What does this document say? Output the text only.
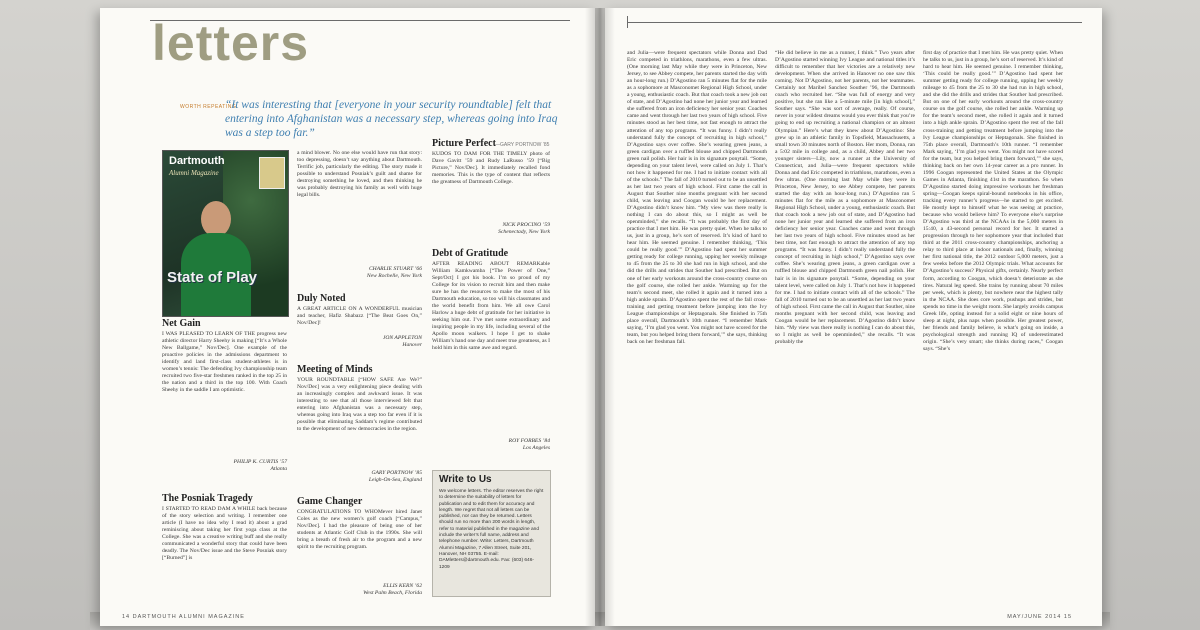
letters
WORTH REPEATING
“It was interesting that [everyone in your security roundtable] felt that entering into Afghanistan was a necessary step, whereas going into Iraq was a step too far.”
—GARY PORTNOW ’85
Dartmouth
Alumni Magazine
State of Play
Net Gain
I WAS PLEASED TO LEARN OF THE progress new athletic director Harry Sheehy is making [“It’s a Whole New Ballgame,” Nov/Dec]. One example of the proactive policies in the admissions department to identify and land first-class student-athletes is in women’s tennis: The defending Ivy championship team recruited two five-star freshmen ranked in the top 25 in the nation and a third in the top 100. With Coach Sheehy in the saddle I am optimistic.
PHILIP K. CURTIS ’57
Atlanta
The Posniak Tragedy
I STARTED TO READ DAM A WHILE back because of the story selection and writing. I remember one article (I have no idea why I read it) about a grad reminiscing about taking her first yoga class at the College. She was a creative writing buff and she really communicated a wonderful story that could have been deadly. The Nov/Dec issue and the Steve Posniak story [“Burned”] is
a mind blower. No one else would have run that story: too depressing, doesn’t say anything about Dartmouth. Terrific job, particularly the editing. The story made it possible to understand Posniak’s guilt and shame for destroying something he loved, and then thinking he was probably destroying his family as well with huge legal bills.
CHARLIE STUART ’66
New Rochelle, New York
Duly Noted
A GREAT ARTICLE ON A WONDERFUL musician and teacher, Hafiz Shabazz [“The Beat Goes On,” Nov/Dec]!
JON APPLETON
Hanover
Meeting of Minds
YOUR ROUNDTABLE [“HOW SAFE Are We?” Nov/Dec] was a very enlightening piece dealing with an increasingly complex and awkward issue. It was interesting to see that all those interviewed felt that entering into Afghanistan was a necessary step, whereas going into Iraq was a step too far even if it is possible that eliminating Saddam’s regime contributed to the development of new democracies in the region.
GARY PORTNOW ’85
Leigh-On-Sea, England
Game Changer
CONGRATULATIONS TO WHOMever hired Janet Coles as the new women’s golf coach [“Campus,” Nov/Dec]. I had the pleasure of being one of her students at Atlantic Golf Club in the 1990s. She will bring a breath of fresh air to the program and a new spirit to the recruiting program.
ELLIS KERN ’62
West Palm Beach, Florida
Picture Perfect
KUDOS TO DAM FOR THE TIMELY photo of Dave Gavitt ’59 and Rudy LaRusso ’59 [“Big Picture,” Nov/Dec]. It immediately recalled fond memories. This is the type of content that reflects the greatness of Dartmouth College.
NICK PROCINO ’59
Schenectady, New York
Debt of Gratitude
AFTER READING ABOUT REMARKable William Kamkwamba [“The Power of One,” Sept/Oct] I got his book. I’m so proud of my College for its vision to recruit him and then make sure he has the resources to make the most of his Dartmouth education, so too will his classmates and the world benefit from him. We all owe Carol Harlow a huge debt of gratitude for her initiative in seeking him out. I’ve met some extraordinary and inspiring people in my life, including several of the Apollo moon walkers. I hope I get to shake William’s hand one day and meet true greatness, as I hold him in this same awe and regard.
ROY FORBES ’84
Los Angeles
Write to Us
We welcome letters. The editor reserves the right to determine the suitability of letters for publication and to edit them for accuracy and length. We regret that not all letters can be published, nor can they be returned. Letters should run no more than 200 words in length, refer to material published in the magazine and include the writer’s full name, address and telephone number. Write: Letters, Dartmouth Alumni Magazine, 7 Allen Street, Suite 201, Hanover, NH 03755. E-mail: DAMletters@dartmouth.edu. Fax: (603) 646-1209
14 DARTMOUTH ALUMNI MAGAZINE
and Julia—were frequent spectators while Donna and Dad Eric competed in triathlons, marathons, even a few ultras. (One morning last May while they were in Princeton, New Jersey, to see Abbey compete, her parents started the day with an hour-long run.) D’Agostino ran 5 minutes flat for the mile as a sophomore at Masconomet Regional High School, under a young, enthusiastic coach. But that coach took a new job out of state, and D’Agostino had none her junior year and learned she suffered from an iron deficiency her senior year. Coaches came and went through her last two years of high school. Five minutes stood as her best time, not fast enough to attract the attention of any top programs. “It was funny. I didn’t really understand fully the concept of recruiting in high school,” D’Agostino says over coffee. She’s wearing green jeans, a green cardigan over a ruffled blouse and chipped Dartmouth green nail polish. Her hair is in its signature ponytail. “Some, depending on your talent level, were called on July 1. That’s not how it happened for me. I had to initiate contact with all of the schools.” The fall of 2010 turned out to be an unsettled as her last two years of high school. First came the call in August that Souther nine months pregnant with her second child, was leaving and Coogan would be her replacement. D’Agostino didn’t know him. “My view was there really is nothing I can do about this, so I might as well be openminded,” she recalls. “It was probably the first day of practice that I met him. He was pretty quiet. When he talks to us, just in a group, he’s sort of reserved. It’s kind of hard to hear him. He seemed genuine. I remember thinking, ‘This could be really good.’” D’Agostino had spent her summer getting ready for college running, upping her weekly mileage to 45 from the 25 to 30 she had run in high school, and she did the drills and strides that Souther had prescribed. But on one of her early workouts around the cross-country course on the golf course, she rolled her ankle. Warming up for the team’s second meet, she rolled it again and it turned into a high ankle sprain. D’Agostino spent the rest of the fall cross-training and getting treatment before jumping into the Ivy League championships or Heptagonals. She finished in 75th place overall, Dartmouth’s 10th runner. “I remember Mark saying, ‘I’m glad you went. You might not have scored for the team, but you helped bring them forward,’” she says, thinking back on her freshman fall.
“He did believe in me as a runner, I think.” Two years after D’Agostino started winning Ivy League and national titles it’s difficult to remember that her victories are a relatively new development. When she arrived in Hanover no one saw this coming. Not D’Agostino, not her parents, not her teammates. Certainly not Maribel Sanchez Souther ’96, the Dartmouth coach who recruited her. “She was full of energy and very positive, but she ran like a 5-minute mile [in high school],” Souther says. “She was sort of average, really. Of course, never in your wildest dreams would you ever think that you’re going to end up recruiting a national champion or an almost Olympian.” Here’s what they knew about D’Agostino: She grew up in an athletic family in Topsfield, Massachusetts, a small town 30 minutes north of Boston. Her mom, Donna, ran a 5:02 mile in college and, as a child, Abbey and her two younger sisters—Lily, now a runner at the University of Connecticut, and Julia—were frequent spectators while Donna and dad Eric competed in triathlons, marathons, even a few ultras. (One morning last May while they were in Princeton, New Jersey, to see Abbey compete, her parents started the day with an hour-long run.) D’Agostino ran 5 minutes flat for the mile as a sophomore at Masconomet Regional High School, under a young, enthusiastic coach. But that coach took a new job out of state, and D’Agostino had none her junior year and learned she suffered from an iron deficiency her senior year. Coaches came and went through her last two years of high school. Five minutes stood as her best time, not fast enough to attract the attention of any top programs. “It was funny. I didn’t really understand fully the concept of recruiting in high school,” D’Agostino says over coffee. She’s wearing green jeans, a green cardigan over a ruffled blouse and chipped Dartmouth green nail polish. Her hair is in its signature ponytail. “Some, depending on your talent level, were called on July 1. That’s not how it happened for me. I had to initiate contact with all of the schools.” The fall of 2010 turned out to be an unsettled as her last two years of high school. First came the call in August that Souther, nine months pregnant with her second child, was leaving and Coogan would be her replacement. D’Agostino didn’t know him. “My view was there really is nothing I can do about this, so I might as well be openminded,” she recalls. “It was probably the
first day of practice that I met him. He was pretty quiet. When he talks to us, just in a group, he’s sort of reserved. It’s kind of hard to hear him. He seemed genuine. I remember thinking, ‘This could be really good.’” D’Agostino had spent her summer getting ready for college running, upping her weekly mileage to 45 from the 25 to 30 she had run in high school, and she did the drills and strides that Souther had prescribed. But on one of her early workouts around the cross-country course on the golf course, she rolled her ankle. Warming up for the team’s second meet, she rolled it again and it turned into a high ankle sprain. D’Agostino spent the rest of the fall cross-training and getting treatment before jumping into the Ivy League championships or Heptagonals. She finished in 75th place overall, Dartmouth’s 10th runner. “I remember Mark saying, ‘I’m glad you went. You might not have scored for the team, but you helped bring them forward,’” she says, thinking back on her own 14-year career as a pro runner. In 1996 Coogan represented the United States at the Olympic Games in Atlanta, finishing 41st in the marathon. So when D’Agostino started doing impressive workouts her freshman spring—Coogan keeps spiral-bound notebooks in his office, tracking every runner’s progress—he started to get excited. He mostly kept to himself what he was seeing at practice, because who would believe him? To everyone else’s surprise D’Agostino was third at the NCAAs in the 5,000 meters in 15:40, a 43-second personal record for her. It started a progression through to her sophomore year that included that third at the 2011 cross-country championships, anchoring a relay to third place at indoor nationals and, finally, winning her first national title, the 2012 outdoor 5,000 meters, just a few weeks before the 2012 Olympic trials. What accounts for D’Agostino’s success? Physical gifts, certainly. Nearly perfect form, according to Coogan, which doesn’t deteriorate as she tires. Natural leg speed. She trains by running about 70 miles per week, which is plenty, but nowhere near the highest tally in the NCAA. She does core work, pushups and strides, but spends no time in the weight room. She largely avoids campus Greek life, opting instead for a solid eight or nine hours of sleep at night, plus naps when possible. Her greatest power, her friends and family believe, is what’s going on inside, a psychological strength and running IQ of underestimated origin. “She’s very smart; she thinks during races,” Coogan says. “She’s
MAY/JUNE 2014 15
